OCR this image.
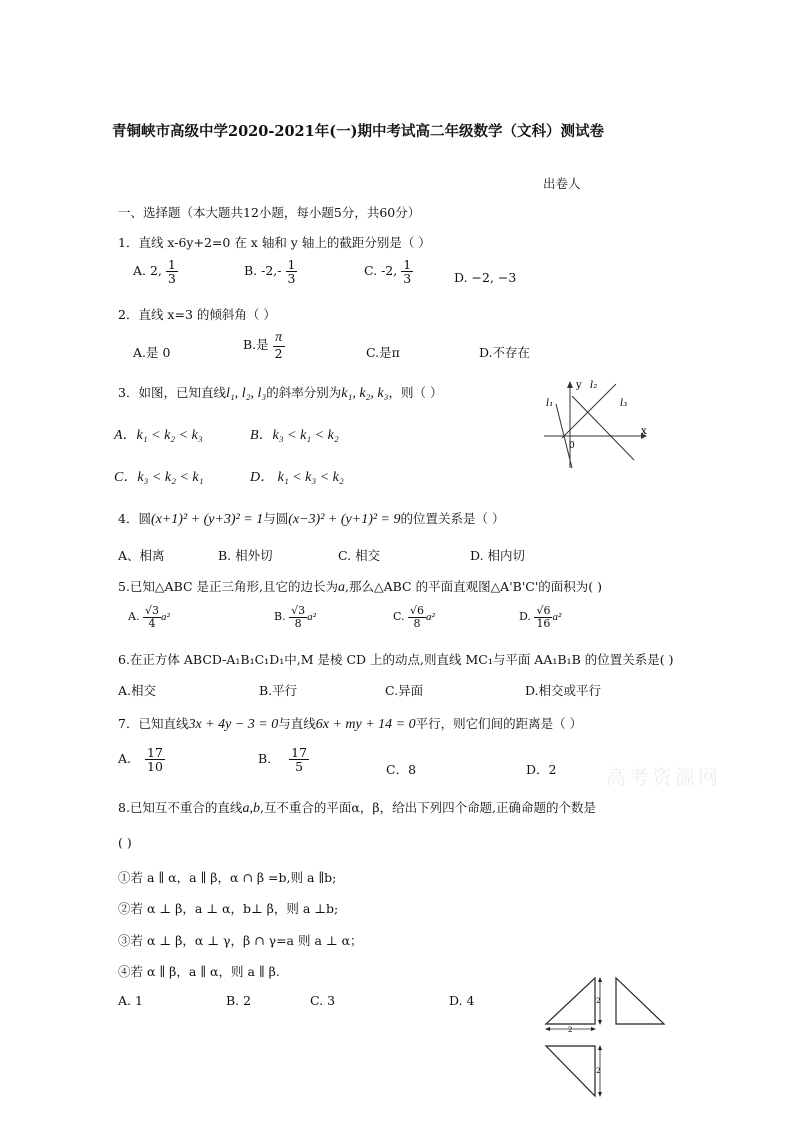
青铜峡市高级中学2020-2021年(一)期中考试高二年级数学（文科）测试卷
出卷人
一、选择题（本大题共12小题，每小题5分，共60分）
1．直线 x-6y+2=0 在 x 轴和 y 轴上的截距分别是（ ）
A. 2, $\frac{1}{3}$	B. $-2,- \frac{1}{3}$	C. -2, $\frac{1}{3}$	D. −2, −3
2．直线 x=3 的倾斜角（ ）
A.是 0
B.是 $\frac{\pi}{2}$	C.是π	D.不存在
3．如图，已知直线l₁, l₂, l₃的斜率分别为k₁, k₂, k₃，则（ ）
A．k₁ < k₂ < k₃	B．k₃ < k₁ < k₂
C．k₃ < k₂ < k₁	D． k₁ < k₃ < k₂
y
x
0
l₁
l₂
l₃
4．圆(x+1)² + (y+3)² = 1与圆(x−3)² + (y+1)² = 9的位置关系是（ ）
A、相离	B. 相外切	C. 相交	D. 相内切
5.已知△ABC 是正三角形,且它的边长为a,那么△ABC 的平面直观图△A'B'C'的面积为( )
A. $\frac{√3}{4} a^2$	B. $\frac{√3}{8} a^2$	C. $\frac{√6}{8} a^2$	D. $\frac{√6}{16} a^2$
6.在正方体 ABCD-A₁B₁C₁D₁中,M 是棱 CD 上的动点,则直线 MC₁与平面 AA₁B₁B 的位置关系是( )
A.相交	B.平行	C.异面	D.相交或平行
7．已知直线3x + 4y − 3 = 0与直线6x + my + 14 = 0平行，则它们间的距离是（ ）
A. $\frac{17}{10}$	B. $\frac{17}{5}$	C．8	D．2 高考资源网
8.已知互不重合的直线a,b,互不重合的平面α，β，给出下列四个命题,正确命题的个数是
( )
①若 a ∥ α，a ∥ β，α ∩ β =b,则 a ∥b;
②若 α ⊥ β，a ⊥ α，b⊥ β，则 a ⊥b;
③若 α ⊥ β，α ⊥ γ，β ∩ γ=a 则 a ⊥ α；
④若 α ∥ β，a ∥ α，则 a ∥ β.
A. 1	B. 2	C. 3	D. 4	2
2
2
